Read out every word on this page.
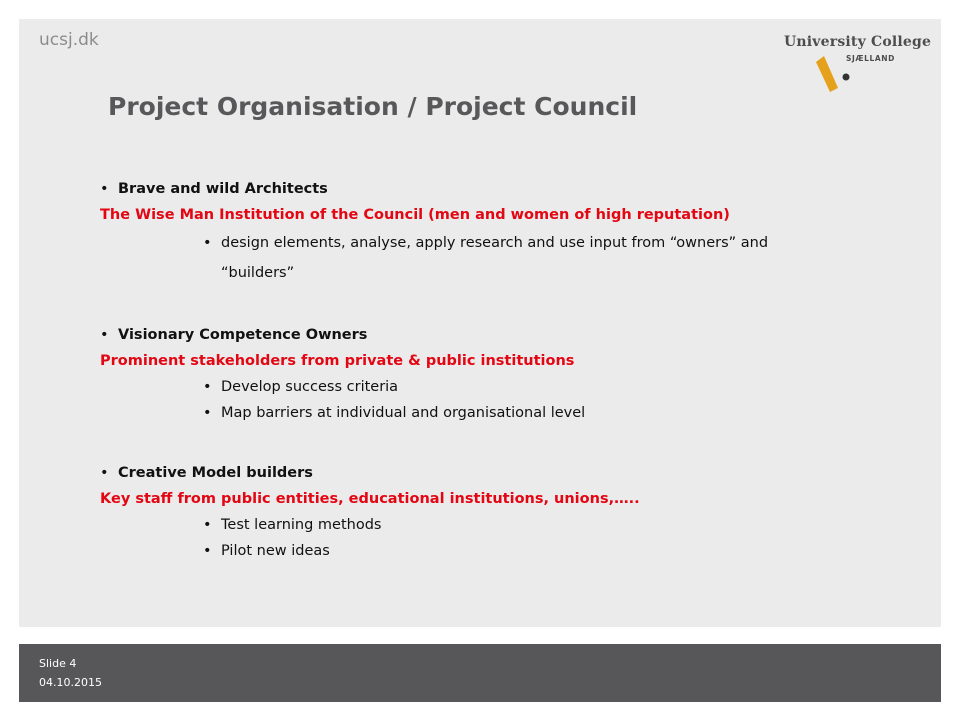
ucsj.dk	University College
SJÆLLAND
Project Organisation / Project Council
• Brave and wild Architects
The Wise Man Institution of the Council (men and women of high reputation)
• design elements, analyse, apply research and use input from “owners” and “builders”
• Visionary Competence Owners
Prominent stakeholders from private & public institutions
• Develop success criteria
• Map barriers at individual and organisational level
• Creative Model builders
Key staff from public entities, educational institutions, unions,…..
• Test learning methods
• Pilot new ideas
Slide 4
04.10.2015
